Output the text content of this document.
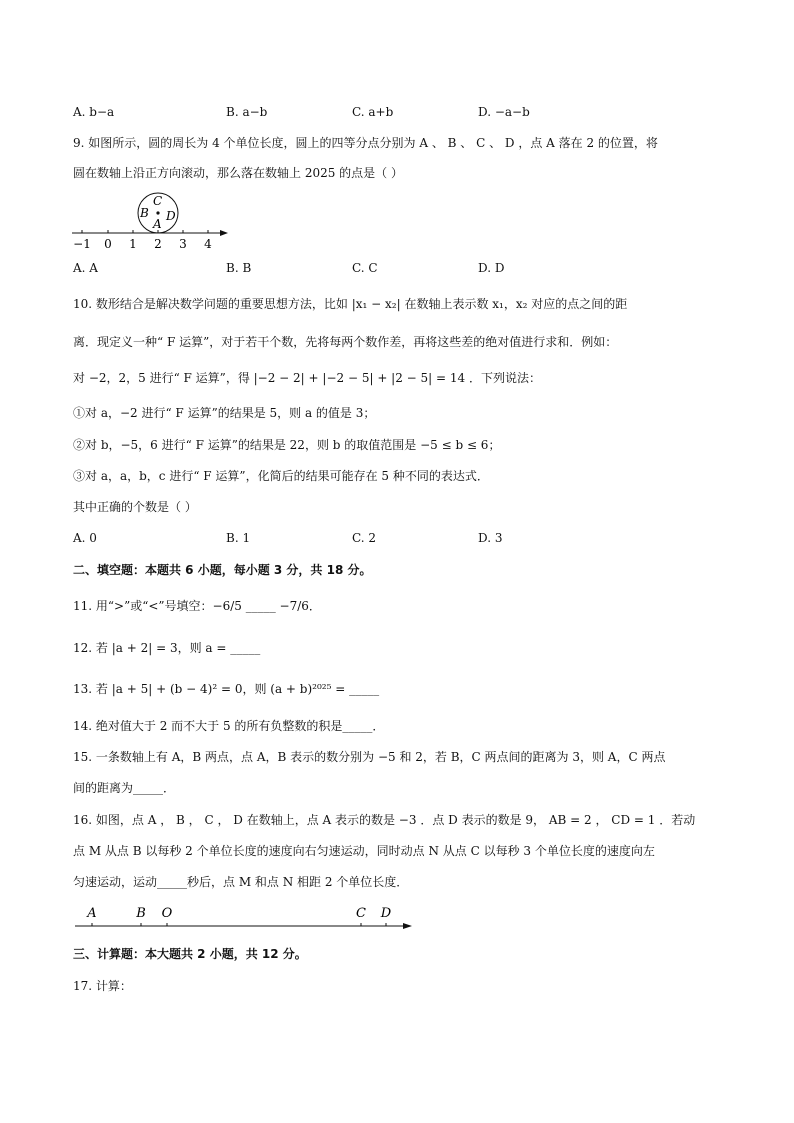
A. b−a	B. a−b	C. a+b	D. −a−b
9. 如图所示，圆的周长为 4 个单位长度，圆上的四等分点分别为 A 、 B 、 C 、 D ，点 A 落在 2 的位置，将
圆在数轴上沿正方向滚动，那么落在数轴上 2025 的点是（ ）
−1 0 1 2 3 4
B
C
A
D
A. A	B. B	C. C	D. D
10. 数形结合是解决数学问题的重要思想方法，比如 |x₁ − x₂| 在数轴上表示数 x₁，x₂ 对应的点之间的距
离．现定义一种“ F 运算”，对于若干个数，先将每两个数作差，再将这些差的绝对值进行求和．例如：
对 −2，2，5 进行“ F 运算”，得 |−2 − 2| + |−2 − 5| + |2 − 5| = 14 ．下列说法：
①对 a，−2 进行“ F 运算”的结果是 5，则 a 的值是 3；
②对 b，−5，6 进行“ F 运算”的结果是 22，则 b 的取值范围是 −5 ≤ b ≤ 6；
③对 a，a，b，c 进行“ F 运算”，化简后的结果可能存在 5 种不同的表达式．
其中正确的个数是（ ）
A. 0	B. 1	C. 2	D. 3
二、填空题：本题共 6 小题，每小题 3 分，共 18 分。
11. 用“>”或“<”号填空：−6/5 _____ −7/6．
12. 若 |a + 2| = 3，则 a = _____
13. 若 |a + 5| + (b − 4)² = 0，则 (a + b)²⁰²⁵ = _____
14. 绝对值大于 2 而不大于 5 的所有负整数的积是_____．
15. 一条数轴上有 A，B 两点，点 A，B 表示的数分别为 −5 和 2，若 B，C 两点间的距离为 3，则 A，C 两点
间的距离为_____．
16. 如图，点 A ， B ， C ， D 在数轴上，点 A 表示的数是 −3 ．点 D 表示的数是 9， AB = 2 ， CD = 1 ．若动
点 M 从点 B 以每秒 2 个单位长度的速度向右匀速运动，同时动点 N 从点 C 以每秒 3 个单位长度的速度向左
匀速运动，运动_____秒后，点 M 和点 N 相距 2 个单位长度．
A	B O	C D
三、计算题：本大题共 2 小题，共 12 分。
17. 计算：
